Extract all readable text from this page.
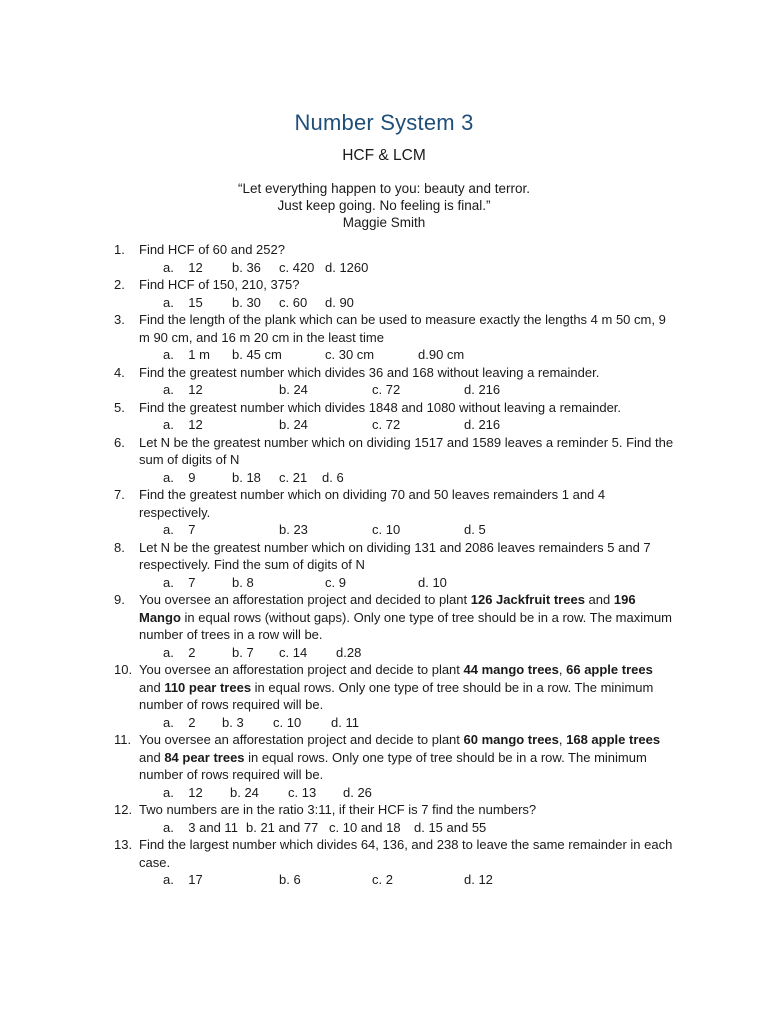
Number System 3
HCF & LCM
“Let everything happen to you: beauty and terror.
Just keep going. No feeling is final.”
Maggie Smith
1.	Find HCF of 60 and 252?
a.    12 b. 36 c. 420 d. 1260
2.	Find HCF of 150, 210, 375?
a.    15 b. 30 c. 60 d. 90
3.	Find the length of the plank which can be used to measure exactly the lengths 4 m 50 cm, 9 m 90 cm, and 16 m 20 cm in the least time
a.    1 m b. 45 cm	c. 30 cm	d.90 cm
4.	Find the greatest number which divides 36 and 168 without leaving a remainder.
a.    12	b. 24	c. 72	d. 216
5.	Find the greatest number which divides 1848 and 1080 without leaving a remainder.
a.    12	b. 24	c. 72	d. 216
6.	Let N be the greatest number which on dividing 1517 and 1589 leaves a reminder 5. Find the sum of digits of N
a.    9	b. 18 c. 21 d. 6
7.	Find the greatest number which on dividing 70 and 50 leaves remainders 1 and 4 respectively.
a.    7	b. 23	c. 10	d. 5
8.	Let N be the greatest number which on dividing 131 and 2086 leaves remainders 5 and 7 respectively. Find the sum of digits of N
a.    7	b. 8	c. 9	d. 10
9.	You oversee an afforestation project and decided to plant 126 Jackfruit trees and 196 Mango in equal rows (without gaps). Only one type of tree should be in a row. The maximum number of trees in a row will be.
a.    2	b. 7 c. 14 d.28
10. You oversee an afforestation project and decide to plant 44 mango trees, 66 apple trees and 110 pear trees in equal rows. Only one type of tree should be in a row. The minimum number of rows required will be.
a.    2 b. 3 c. 10 d. 11
11. You oversee an afforestation project and decide to plant 60 mango trees, 168 apple trees and 84 pear trees in equal rows. Only one type of tree should be in a row. The minimum number of rows required will be.
a.    12 b. 24 c. 13 d. 26
12. Two numbers are in the ratio 3:11, if their HCF is 7 find the numbers?
a.    3 and 11 b. 21 and 77 c. 10 and 18 d. 15 and 55
13. Find the largest number which divides 64, 136, and 238 to leave the same remainder in each case.
a.    17	b. 6	c. 2	d. 12
